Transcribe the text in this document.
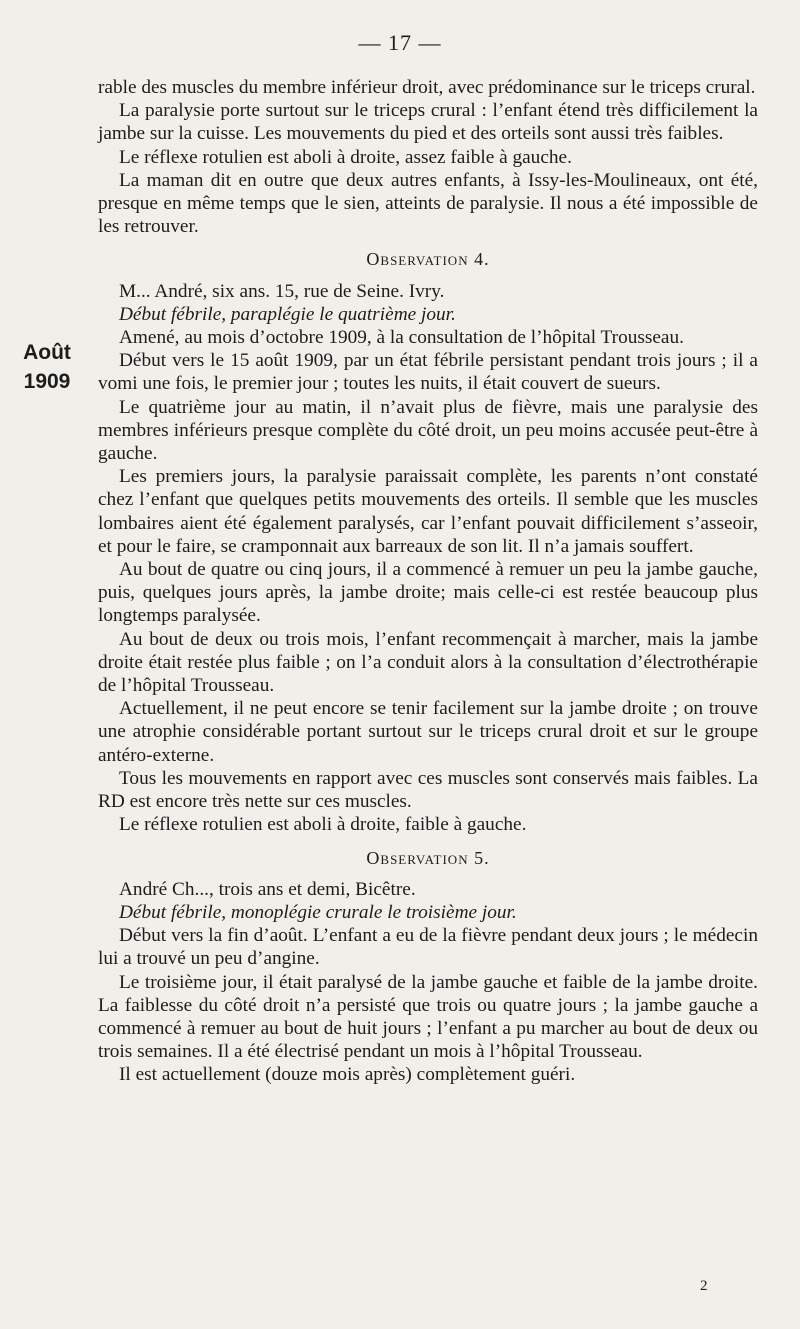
— 17 —
Août
1909

rable des muscles du membre inférieur droit, avec prédominance sur le triceps crural.

La paralysie porte surtout sur le triceps crural : l’enfant étend très difficilement la jambe sur la cuisse. Les mouvements du pied et des orteils sont aussi très faibles.

Le réflexe rotulien est aboli à droite, assez faible à gauche.

La maman dit en outre que deux autres enfants, à Issy-les-Moulineaux, ont été, presque en même temps que le sien, atteints de paralysie. Il nous a été impossible de les retrouver.

Observation 4.

M... André, six ans. 15, rue de Seine. Ivry.

Début fébrile, paraplégie le quatrième jour.

Amené, au mois d’octobre 1909, à la consultation de l’hôpital Trousseau.

Début vers le 15 août 1909, par un état fébrile persistant pendant trois jours ; il a vomi une fois, le premier jour ; toutes les nuits, il était couvert de sueurs.

Le quatrième jour au matin, il n’avait plus de fièvre, mais une paralysie des membres inférieurs presque complète du côté droit, un peu moins accusée peut-être à gauche.

Les premiers jours, la paralysie paraissait complète, les parents n’ont constaté chez l’enfant que quelques petits mouvements des orteils. Il semble que les muscles lombaires aient été également paralysés, car l’enfant pouvait difficilement s’asseoir, et pour le faire, se cramponnait aux barreaux de son lit. Il n’a jamais souffert.

Au bout de quatre ou cinq jours, il a commencé à remuer un peu la jambe gauche, puis, quelques jours après, la jambe droite; mais celle-ci est restée beaucoup plus longtemps paralysée.

Au bout de deux ou trois mois, l’enfant recommençait à marcher, mais la jambe droite était restée plus faible ; on l’a conduit alors à la consultation d’électrothérapie de l’hôpital Trousseau.

Actuellement, il ne peut encore se tenir facilement sur la jambe droite ; on trouve une atrophie considérable portant surtout sur le triceps crural droit et sur le groupe antéro-externe.

Tous les mouvements en rapport avec ces muscles sont conservés mais faibles. La RD est encore très nette sur ces muscles.

Le réflexe rotulien est aboli à droite, faible à gauche.

Observation 5.

André Ch..., trois ans et demi, Bicêtre.

Début fébrile, monoplégie crurale le troisième jour.

Début vers la fin d’août. L’enfant a eu de la fièvre pendant deux jours ; le médecin lui a trouvé un peu d’angine.

Le troisième jour, il était paralysé de la jambe gauche et faible de la jambe droite. La faiblesse du côté droit n’a persisté que trois ou quatre jours ; la jambe gauche a commencé à remuer au bout de huit jours ; l’enfant a pu marcher au bout de deux ou trois semaines. Il a été électrisé pendant un mois à l’hôpital Trousseau.

Il est actuellement (douze mois après) complètement guéri.

2
